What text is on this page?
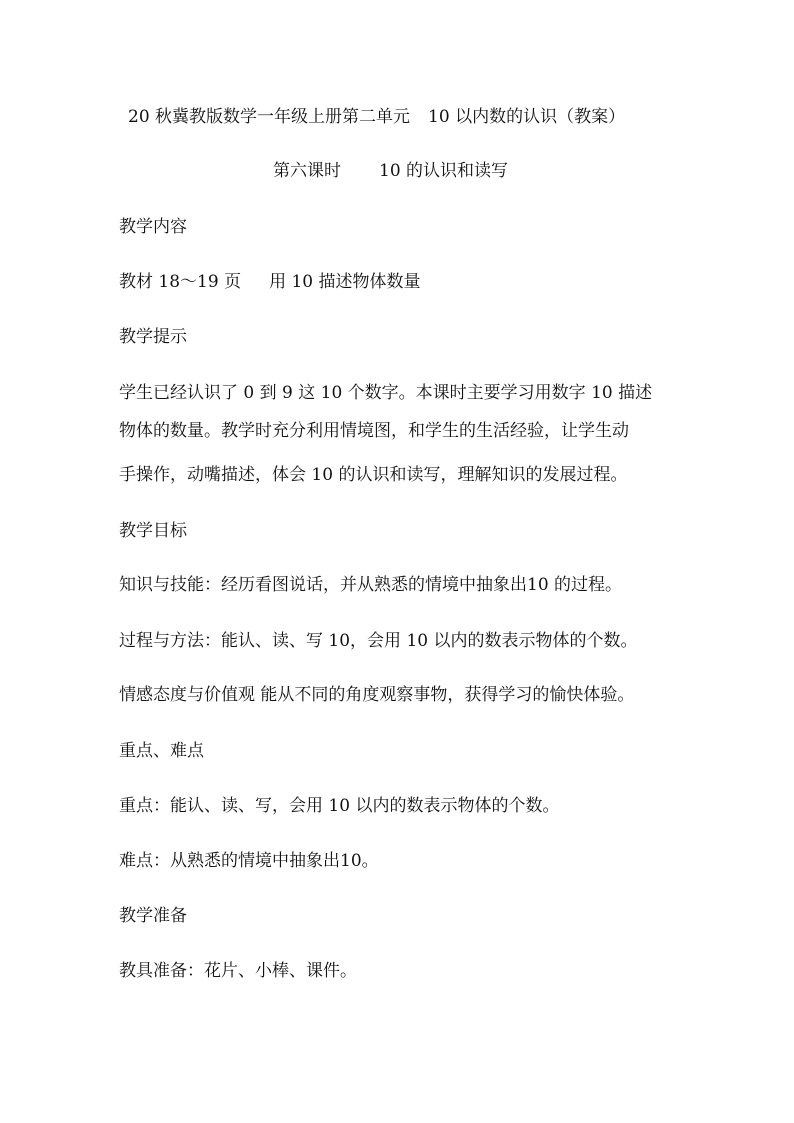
20 秋冀教版数学一年级上册第二单元 10 以内数的认识（教案）
第六课时 10 的认识和读写
教学内容
教材 18～19 页 用 10 描述物体数量
教学提示
学生已经认识了 0 到 9 这 10 个数字。本课时主要学习用数字 10 描述
物体的数量。教学时充分利用情境图，和学生的生活经验，让学生动
手操作，动嘴描述，体会 10 的认识和读写，理解知识的发展过程。
教学目标
知识与技能：经历看图说话，并从熟悉的情境中抽象出10 的过程。
过程与方法：能认、读、写 10，会用 10 以内的数表示物体的个数。
情感态度与价值观 能从不同的角度观察事物，获得学习的愉快体验。
重点、难点
重点：能认、读、写，会用 10 以内的数表示物体的个数。
难点：从熟悉的情境中抽象出10。
教学准备
教具准备：花片、小棒、课件。
